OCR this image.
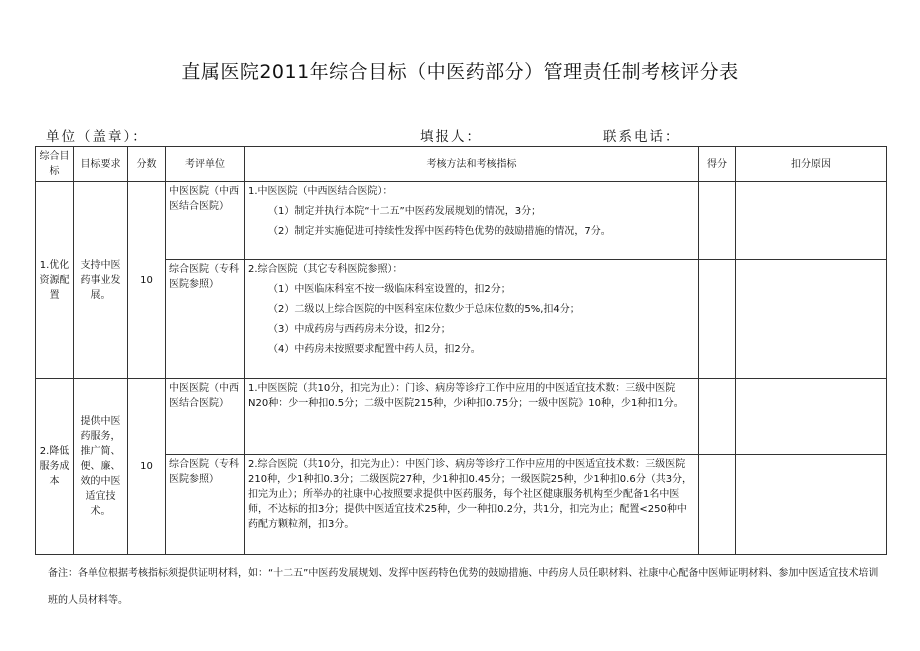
直属医院2011年综合目标（中医药部分）管理责任制考核评分表
单位（盖章）：	填报人：	联系电话：
综合目标	目标要求	分数	考评单位	考核方法和考核指标	得分	扣分原因
1.优化资源配置	支持中医药事业发展。	10	中医医院（中西医结合医院）	1.中医医院（中西医结合医院）：
（1）制定并执行本院“十二五”中医药发展规划的情况，3分；
（2）制定并实施促进可持续性发挥中医药特色优势的鼓励措施的情况，7分。		

			综合医院（专科医院参照）	2.综合医院（其它专科医院参照）：
（1）中医临床科室不按一级临床科室设置的，扣2分；
（2）二级以上综合医院的中医科室床位数少于总床位数的5%,扣4分；
（3）中成药房与西药房未分设，扣2分；
（4）中药房未按照要求配置中药人员，扣2分。		

2.降低服务成本	提供中医药服务，推广简、便、廉、效的中医适宜技术。	10	中医医院（中西医结合医院）	1.中医医院（共10分，扣完为止）：门诊、病房等诊疗工作中应用的中医适宜技术数：三级中医院N20种：少一种扣0.5分；二级中医院215种，少i种扣0.75分；一级中医院》10种，少1种扣1分。		
			综合医院（专科医院参照）	2.综合医院（共10分，扣完为止）：中医门诊、病房等诊疗工作中应用的中医适宜技术数：三级医院210种，少1种扣0.3分；二级医院27种，少1种扣0.45分；一级医院25种，少1种扣0.6分（共3分，扣完为止）；所举办的社康中心按照要求提供中医药服务，每个社区健康服务机构至少配备1名中医师，不达标的扣3分；提供中医适宜技术25种，少一种扣0.2分，共1分，扣完为止；配置<250种中药配方颗粒剂，扣3分。		
备注：各单位根据考核指标须提供证明材料，如：“十二五”中医药发展规划、发挥中医药特色优势的鼓励措施、中药房人员任职材料、社康中心配备中医师证明材料、参加中医适宜技术培训班的人员材料等。
